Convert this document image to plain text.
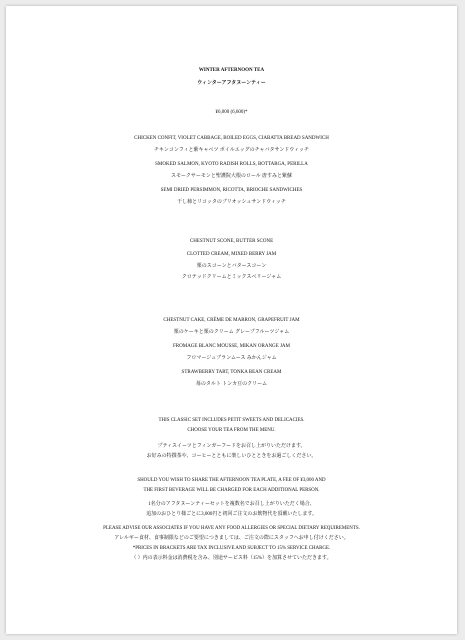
WINTER AFTERNOON TEA
ウィンターアフタヌーンティー
¥6,000 (6,600)*
CHICKEN CONFIT, VIOLET CABBAGE, BOILED EGGS, CIABATTA BREAD SANDWICH
チキンコンフィと紫キャベツ ボイルエッグのチャバタサンドウィッチ
SMOKED SALMON, KYOTO RADISH ROLLS, BOTTARGA, PERILLA
スモークサーモンと聖護院大根のロール 唐すみと紫蘇
SEMI DRIED PERSIMMON, RICOTTA, BRIOCHE SANDWICHES
干し柿とリコッタのブリオッシュサンドウィッチ
CHESTNUT SCONE, BUTTER SCONE
CLOTTED CREAM, MIXED BERRY JAM
栗のスコーンとバタースコーン
クロテッドクリームとミックスベリージャム
CHESTNUT CAKE, CRÈME DE MARRON, GRAPEFRUIT JAM
栗のケーキと栗のクリーム グレープフルーツジャム
FROMAGE BLANC MOUSSE, MIKAN ORANGE JAM
フロマージュブランムース みかんジャム
STRAWBERRY TART, TONKA BEAN CREAM
苺のタルト トンカ豆のクリーム
THIS CLASSIC SET INCLUDES PETIT SWEETS AND DELICACIES.
CHOOSE YOUR TEA FROM THE MENU.
プティスイーツとフィンガーフードをお召し上がりいただけます。
お好みの特撰茶や、コーヒーとともに楽しいひとときをお過ごしください。
SHOULD YOU WISH TO SHARE THE AFTERNOON TEA PLATE, A FEE OF ¥3,000 AND
THE FIRST BEVERAGE WILL BE CHARGED FOR EACH ADDITIONAL PERSON.
1名分のアフタヌーンティーセットを複数名でお召し上がりいただく場合、
追加のおひとり様ごとに3,000円と初回ご注文のお飲物代を頂戴いたします。
PLEASE ADVISE OUR ASSOCIATES IF YOU HAVE ANY FOOD ALLERGIES OR SPECIAL DIETARY REQUIREMENTS.
アレルギー食材、食事制限などのご要望につきましては、ご注文の際にスタッフへお申し付けください。
*PRICES IN BRACKETS ARE TAX INCLUSIVE AND SUBJECT TO 15% SERVICE CHARGE.
（ ）内の表示料金は消費税を含み、別途サービス料（15%）を加算させていただきます。
